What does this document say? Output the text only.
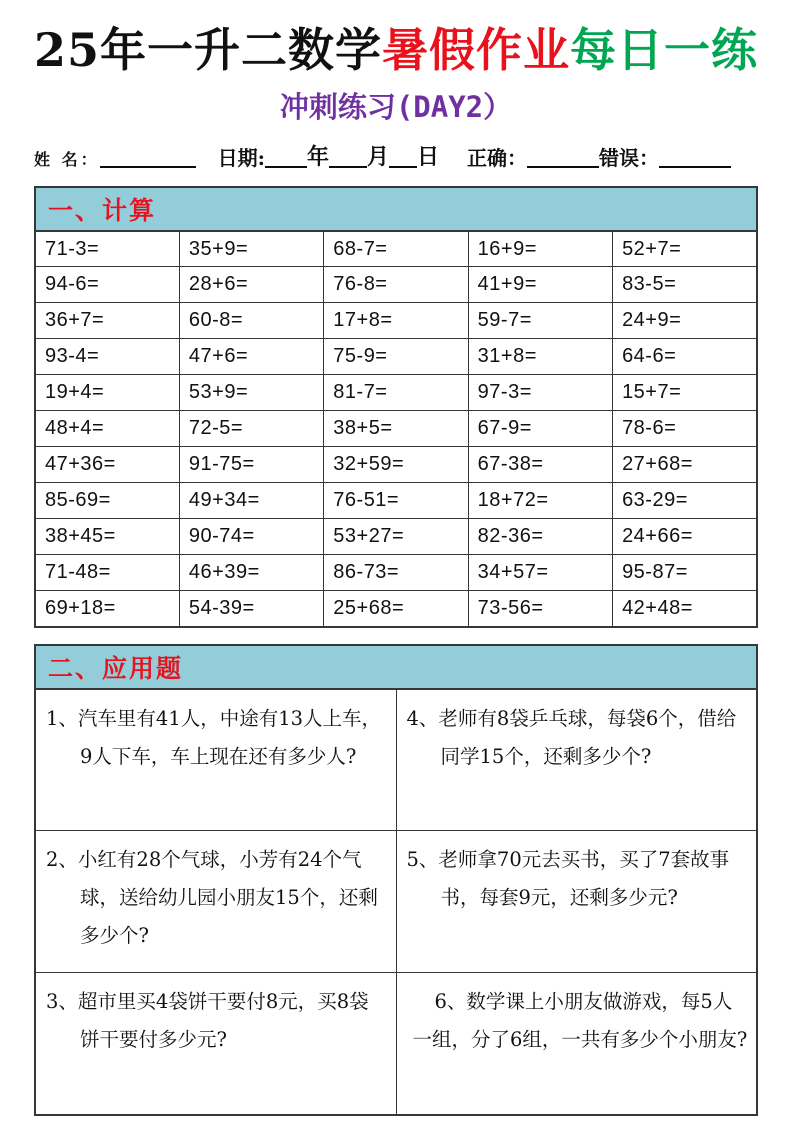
25年一升二数学暑假作业每日一练
冲刺练习(DAY2）
姓 名：	日期: 年 月 日 正确：	错误：
一、计算
71-3=	35+9=	68-7=	16+9=	52+7=
94-6=	28+6=	76-8=	41+9=	83-5=
36+7=	60-8=	17+8=	59-7=	24+9=
93-4=	47+6=	75-9=	31+8=	64-6=
19+4=	53+9=	81-7=	97-3=	15+7=
48+4=	72-5=	38+5=	67-9=	78-6=
47+36=	91-75=	32+59=	67-38=	27+68=
85-69=	49+34=	76-51=	18+72=	63-29=
38+45=	90-74=	53+27=	82-36=	24+66=
71-48=	46+39=	86-73=	34+57=	95-87=
69+18=	54-39=	25+68=	73-56=	42+48=
二、应用题
1、汽车里有41人，中途有13人上车，9人下车，车上现在还有多少人?	4、老师有8袋乒乓球，每袋6个，借给同学15个，还剩多少个?

2、小红有28个气球，小芳有24个气球，送给幼儿园小朋友15个，还剩多少个?	5、老师拿70元去买书，买了7套故事书，每套9元，还剩多少元?

3、超市里买4袋饼干要付8元，买8袋饼干要付多少元?	6、数学课上小朋友做游戏，每5人一组，分了6组，一共有多少个小朋友?
